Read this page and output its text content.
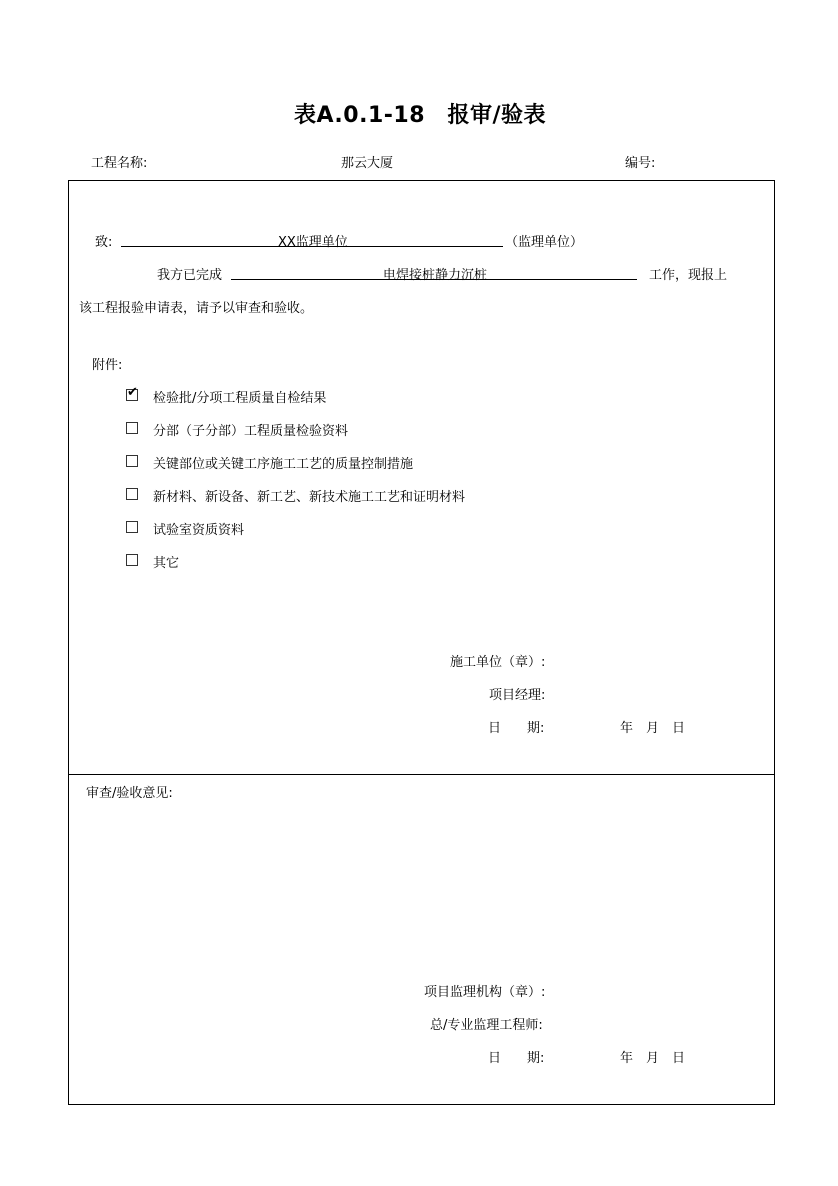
表A.0.1-18　报审/验表
工程名称:	那云大厦	编号:
致:	XX监理单位	（监理单位）
我方已完成	电焊接桩静力沉桩	工作，现报上
该工程报验申请表，请予以审查和验收。
附件:
✔ 检验批/分项工程质量自检结果
分部（子分部）工程质量检验资料
关键部位或关键工序施工工艺的质量控制措施
新材料、新设备、新工艺、新技术施工工艺和证明材料
试验室资质资料
其它
施工单位（章）:
项目经理:
日　　期:	年　月　日
审查/验收意见:
项目监理机构（章）:
总/专业监理工程师:
日　　期:	年　月　日
